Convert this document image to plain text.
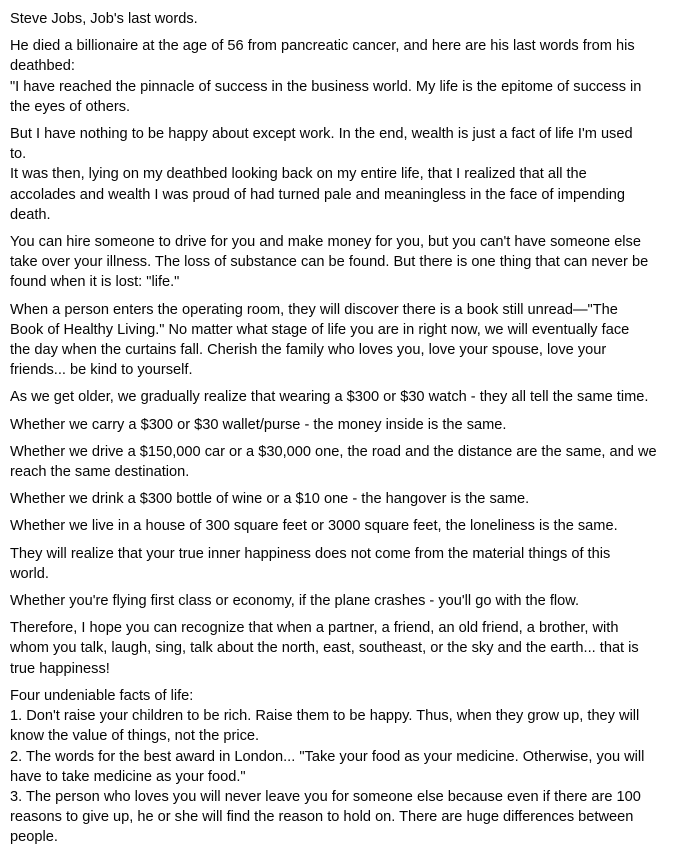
Steve Jobs, Job's last words.
He died a billionaire at the age of 56 from pancreatic cancer, and here are his last words from his
deathbed:
"I have reached the pinnacle of success in the business world. My life is the epitome of success in
the eyes of others.
But I have nothing to be happy about except work. In the end, wealth is just a fact of life I'm used
to.
It was then, lying on my deathbed looking back on my entire life, that I realized that all the
accolades and wealth I was proud of had turned pale and meaningless in the face of impending
death.
You can hire someone to drive for you and make money for you, but you can't have someone else
take over your illness. The loss of substance can be found. But there is one thing that can never be
found when it is lost: "life."
When a person enters the operating room, they will discover there is a book still unread—"The
Book of Healthy Living." No matter what stage of life you are in right now, we will eventually face
the day when the curtains fall. Cherish the family who loves you, love your spouse, love your
friends... be kind to yourself.
As we get older, we gradually realize that wearing a $300 or $30 watch - they all tell the same time.
Whether we carry a $300 or $30 wallet/purse - the money inside is the same.
Whether we drive a $150,000 car or a $30,000 one, the road and the distance are the same, and we
reach the same destination.
Whether we drink a $300 bottle of wine or a $10 one - the hangover is the same.
Whether we live in a house of 300 square feet or 3000 square feet, the loneliness is the same.
They will realize that your true inner happiness does not come from the material things of this
world.
Whether you're flying first class or economy, if the plane crashes - you'll go with the flow.
Therefore, I hope you can recognize that when a partner, a friend, an old friend, a brother, with
whom you talk, laugh, sing, talk about the north, east, southeast, or the sky and the earth... that is
true happiness!
Four undeniable facts of life:
1. Don't raise your children to be rich. Raise them to be happy. Thus, when they grow up, they will
know the value of things, not the price.
2. The words for the best award in London... "Take your food as your medicine. Otherwise, you will
have to take medicine as your food."
3. The person who loves you will never leave you for someone else because even if there are 100
reasons to give up, he or she will find the reason to hold on. There are huge differences between
people.
